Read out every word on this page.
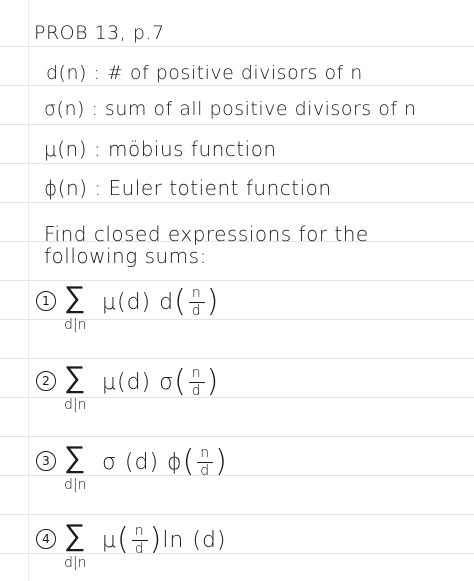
PROB 13, p.7
d(n) : # of positive divisors of n
σ(n) : sum of all positive divisors of n
μ(n) : möbius function
ϕ(n) : Euler totient function
Find closed expressions for the
following sums:
1 ∑
d|n
μ(d) d ( $\frac{n}{d}$ )
2 ∑
d|n
μ(d) σ ( $\frac{n}{d}$ )
3 ∑
d|n
σ (d) ϕ ( $\frac{n}{d}$ )
4 ∑
d|n
μ ( $\frac{n}{d}$ ) ln (d)
